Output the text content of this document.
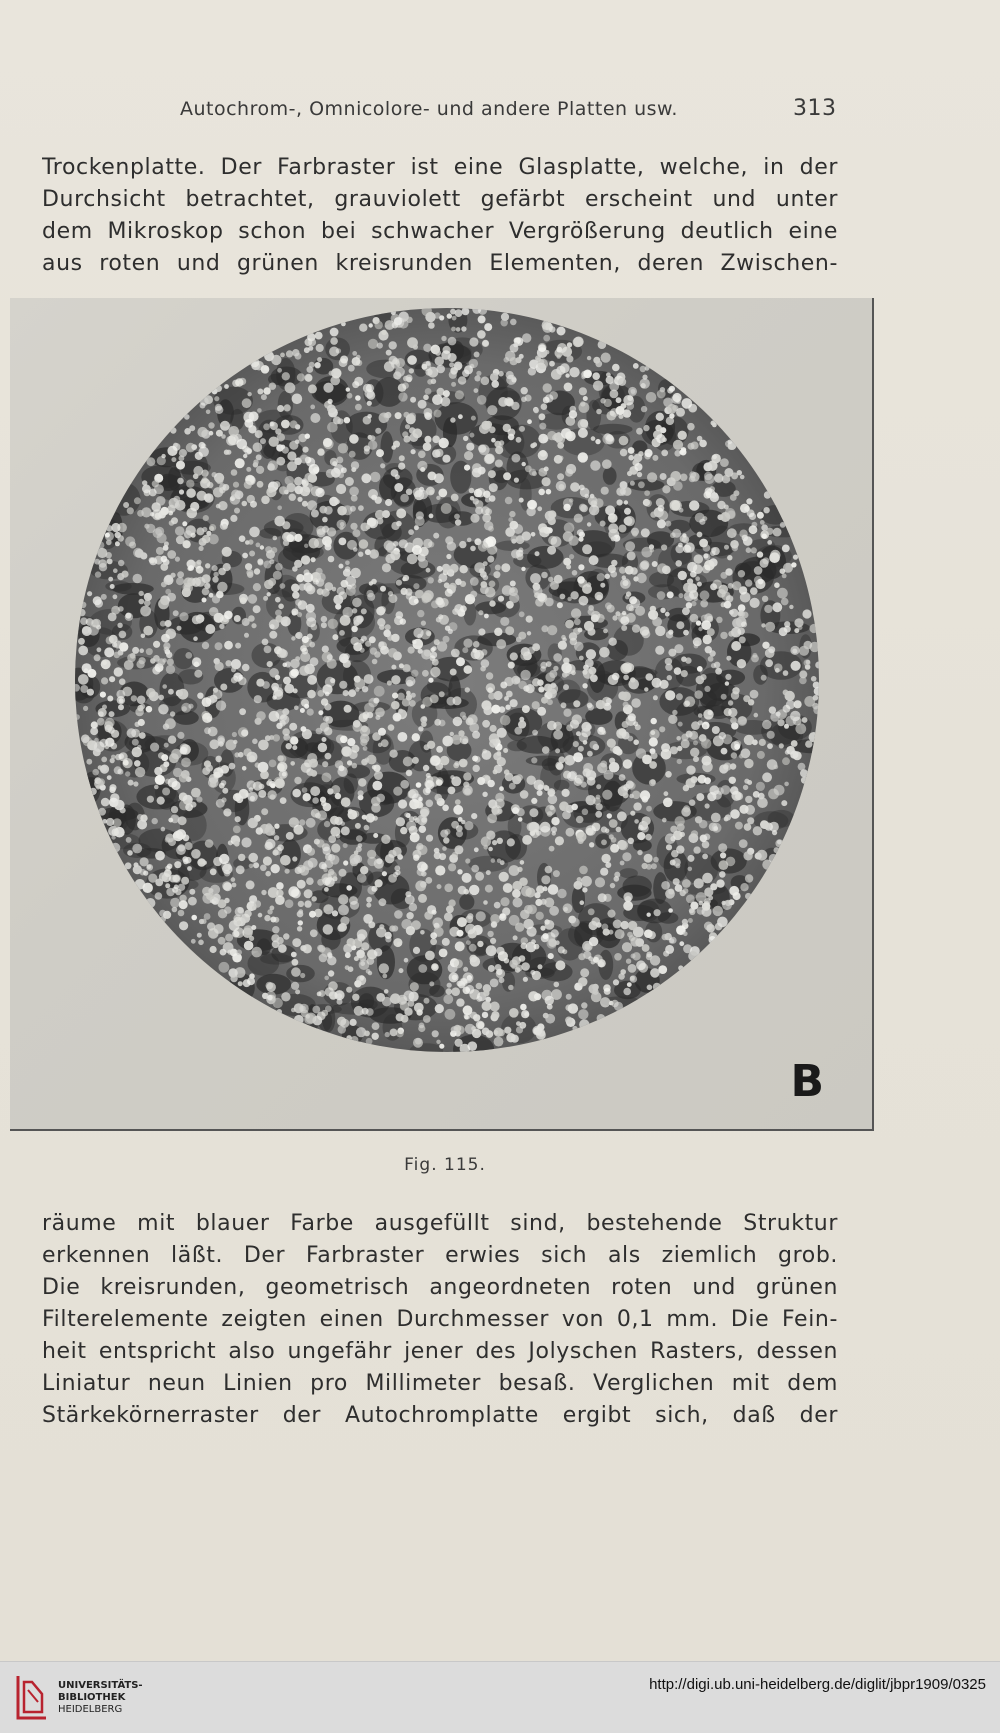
Autochrom-, Omnicolore- und andere Platten usw.	313
Trockenplatte. Der Farbraster ist eine Glasplatte, welche, in der
Durchsicht betrachtet, grauviolett gefärbt erscheint und unter
dem Mikroskop schon bei schwacher Vergrößerung deutlich eine
aus roten und grünen kreisrunden Elementen, deren Zwischen-
B
Fig. 115.
räume mit blauer Farbe ausgefüllt sind, bestehende Struktur
erkennen läßt. Der Farbraster erwies sich als ziemlich grob.
Die kreisrunden, geometrisch angeordneten roten und grünen
Filterelemente zeigten einen Durchmesser von 0,1 mm. Die Fein-
heit entspricht also ungefähr jener des Jolyschen Rasters, dessen
Liniatur neun Linien pro Millimeter besaß. Verglichen mit dem
Stärkekörnerraster der Autochromplatte ergibt sich, daß der
UNIVERSITÄTS-
BIBLIOTHEK
HEIDELBERG
http://digi.ub.uni-heidelberg.de/diglit/jbpr1909/0325
